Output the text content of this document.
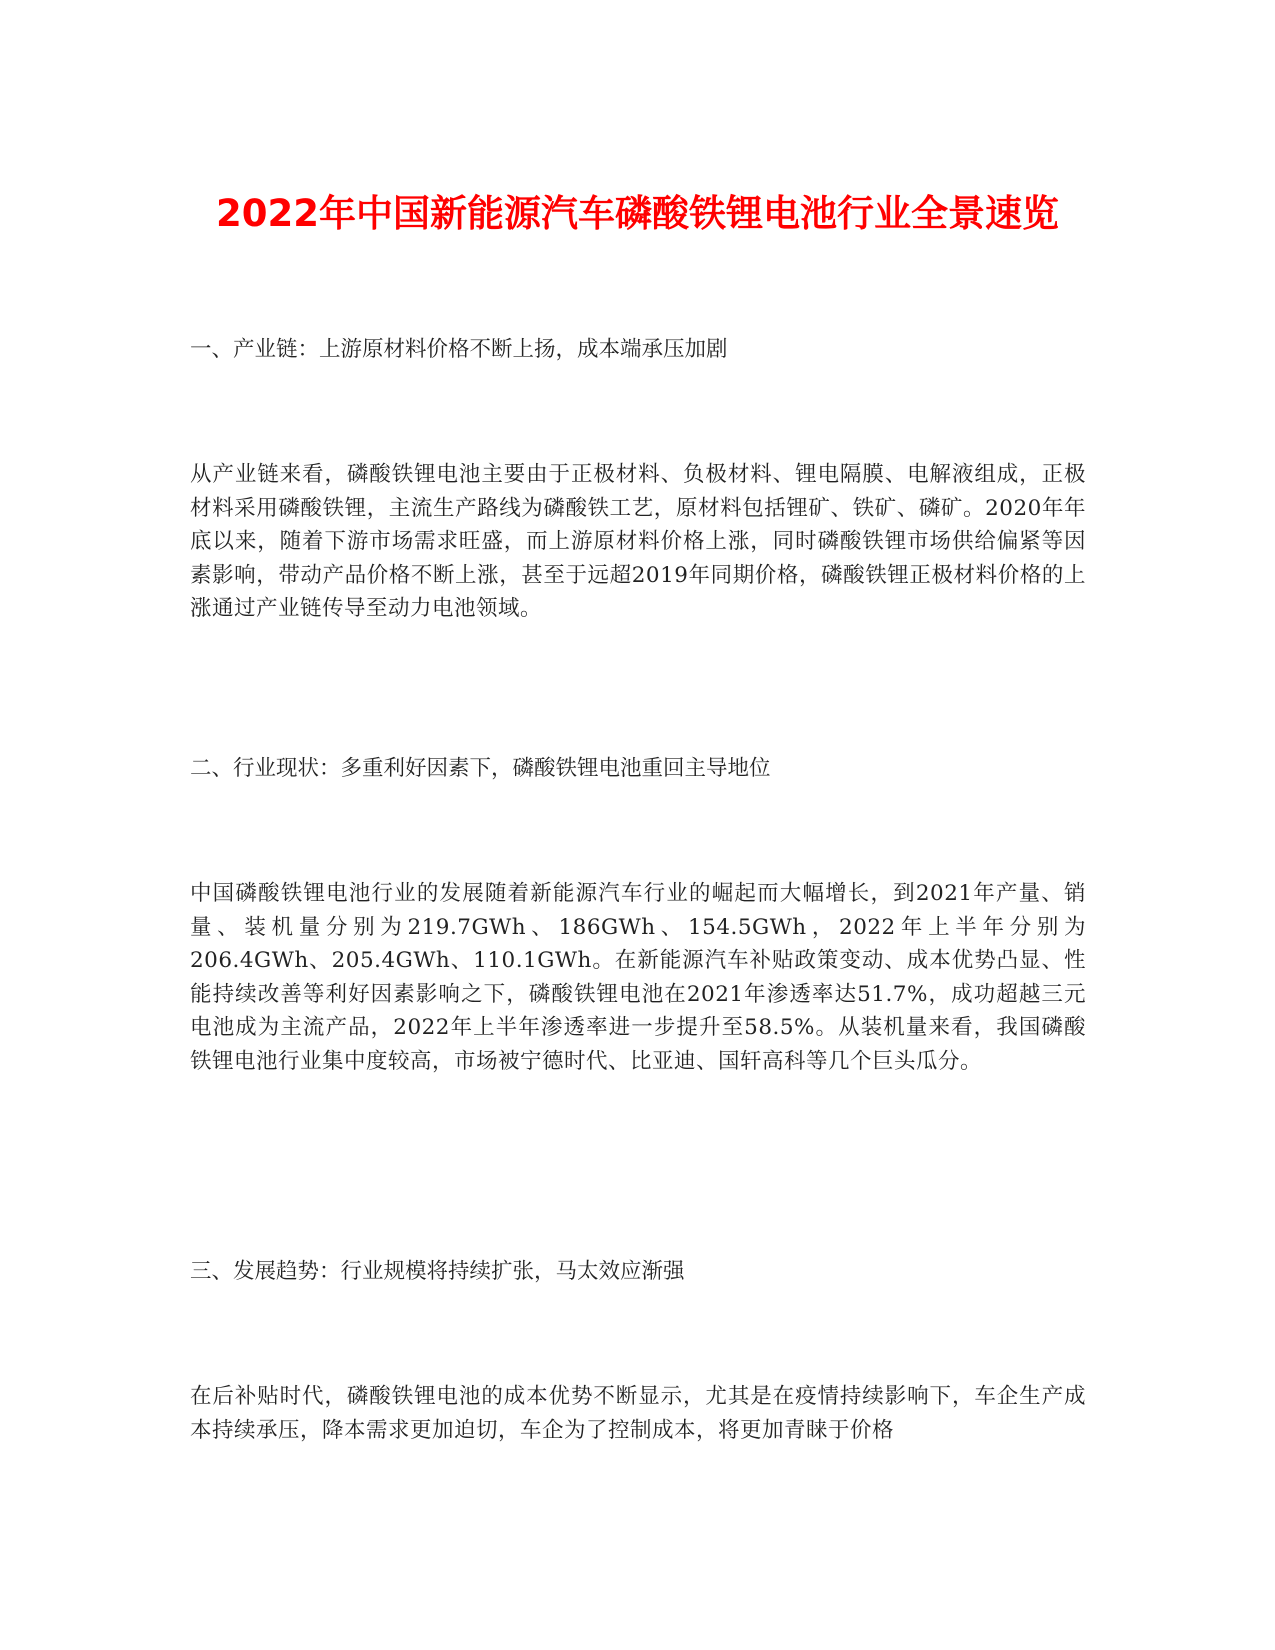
2022年中国新能源汽车磷酸铁锂电池行业全景速览
一、产业链：上游原材料价格不断上扬，成本端承压加剧

从产业链来看，磷酸铁锂电池主要由于正极材料、负极材料、锂电隔膜、电解液组成，正极材料采用磷酸铁锂，主流生产路线为磷酸铁工艺，原材料包括锂矿、铁矿、磷矿。2020年年底以来，随着下游市场需求旺盛，而上游原材料价格上涨，同时磷酸铁锂市场供给偏紧等因素影响，带动产品价格不断上涨，甚至于远超2019年同期价格，磷酸铁锂正极材料价格的上涨通过产业链传导至动力电池领域。

二、行业现状：多重利好因素下，磷酸铁锂电池重回主导地位

中国磷酸铁锂电池行业的发展随着新能源汽车行业的崛起而大幅增长，到2021年产量、销量、装机量分别为219.7GWh、186GWh、154.5GWh，2022年上半年分别为206.4GWh、205.4GWh、110.1GWh。在新能源汽车补贴政策变动、成本优势凸显、性能持续改善等利好因素影响之下，磷酸铁锂电池在2021年渗透率达51.7%，成功超越三元电池成为主流产品，2022年上半年渗透率进一步提升至58.5%。从装机量来看，我国磷酸铁锂电池行业集中度较高，市场被宁德时代、比亚迪、国轩高科等几个巨头瓜分。

三、发展趋势：行业规模将持续扩张，马太效应渐强

在后补贴时代，磷酸铁锂电池的成本优势不断显示，尤其是在疫情持续影响下，车企生产成本持续承压，降本需求更加迫切，车企为了控制成本，将更加青睐于价格
